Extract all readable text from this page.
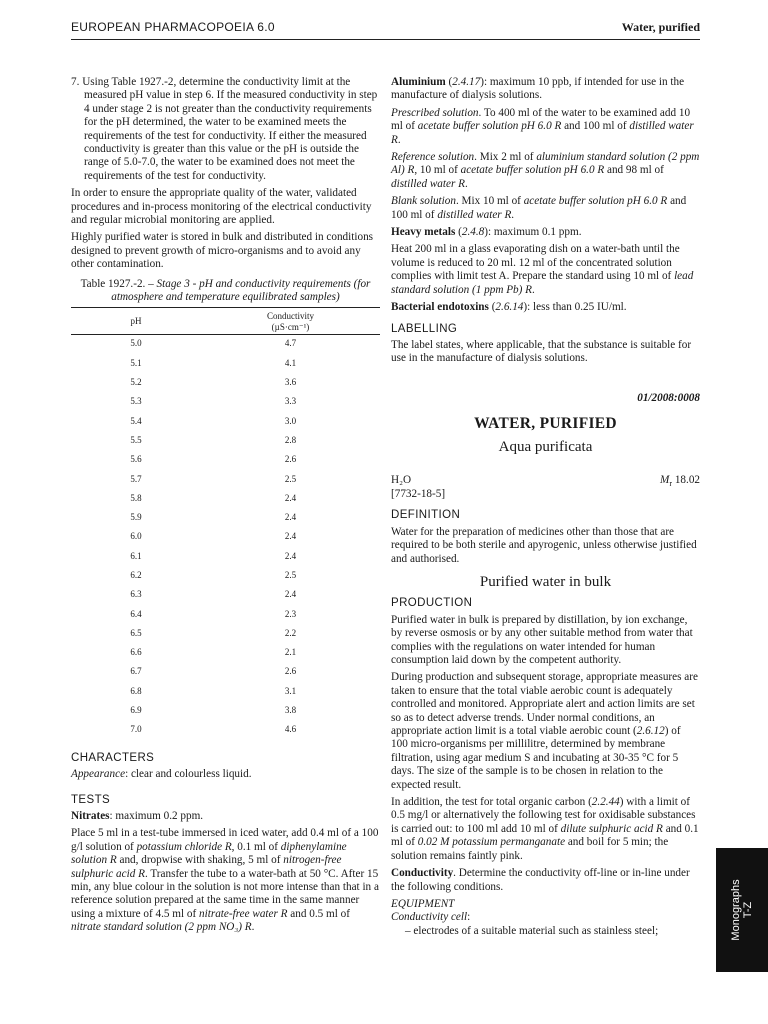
EUROPEAN PHARMACOPOEIA 6.0	Water, purified

7. Using Table 1927.-2, determine the conductivity limit at the measured pH value in step 6. If the measured conductivity in step 4 under stage 2 is not greater than the conductivity requirements for the pH determined, the water to be examined meets the requirements of the test for conductivity. If either the measured conductivity is greater than this value or the pH is outside the range of 5.0-7.0, the water to be examined does not meet the requirements of the test for conductivity.

In order to ensure the appropriate quality of the water, validated procedures and in-process monitoring of the electrical conductivity and regular microbial monitoring are applied.

Highly purified water is stored in bulk and distributed in conditions designed to prevent growth of micro-organisms and to avoid any other contamination.

Table 1927.-2. – Stage 3 - pH and conductivity requirements (for atmosphere and temperature equilibrated samples)
pH	Conductivity
(µS·cm⁻¹)
5.0	4.7
5.1	4.1
5.2	3.6
5.3	3.3
5.4	3.0
5.5	2.8
5.6	2.6
5.7	2.5
5.8	2.4
5.9	2.4
6.0	2.4
6.1	2.4
6.2	2.5
6.3	2.4
6.4	2.3
6.5	2.2
6.6	2.1
6.7	2.6
6.8	3.1
6.9	3.8
7.0	4.6
CHARACTERS

Appearance: clear and colourless liquid.

TESTS

Nitrates: maximum 0.2 ppm.

Place 5 ml in a test-tube immersed in iced water, add 0.4 ml of a 100 g/l solution of potassium chloride R, 0.1 ml of diphenylamine solution R and, dropwise with shaking, 5 ml of nitrogen-free sulphuric acid R. Transfer the tube to a water-bath at 50 °C. After 15 min, any blue colour in the solution is not more intense than that in a reference solution prepared at the same time in the same manner using a mixture of 4.5 ml of nitrate-free water R and 0.5 ml of nitrate standard solution (2 ppm NO₃) R.

Aluminium (2.4.17): maximum 10 ppb, if intended for use in the manufacture of dialysis solutions.

Prescribed solution. To 400 ml of the water to be examined add 10 ml of acetate buffer solution pH 6.0 R and 100 ml of distilled water R.

Reference solution. Mix 2 ml of aluminium standard solution (2 ppm Al) R, 10 ml of acetate buffer solution pH 6.0 R and 98 ml of distilled water R.

Blank solution. Mix 10 ml of acetate buffer solution pH 6.0 R and 100 ml of distilled water R.

Heavy metals (2.4.8): maximum 0.1 ppm.

Heat 200 ml in a glass evaporating dish on a water-bath until the volume is reduced to 20 ml. 12 ml of the concentrated solution complies with limit test A. Prepare the standard using 10 ml of lead standard solution (1 ppm Pb) R.

Bacterial endotoxins (2.6.14): less than 0.25 IU/ml.

LABELLING

The label states, where applicable, that the substance is suitable for use in the manufacture of dialysis solutions.

01/2008:0008
WATER, PURIFIED
Aqua purificata
H₂O	$M_r$ 18.02

[7732-18-5]

DEFINITION

Water for the preparation of medicines other than those that are required to be both sterile and apyrogenic, unless otherwise justified and authorised.

Purified water in bulk
PRODUCTION

Purified water in bulk is prepared by distillation, by ion exchange, by reverse osmosis or by any other suitable method from water that complies with the regulations on water intended for human consumption laid down by the competent authority.

During production and subsequent storage, appropriate measures are taken to ensure that the total viable aerobic count is adequately controlled and monitored. Appropriate alert and action limits are set so as to detect adverse trends. Under normal conditions, an appropriate action limit is a total viable aerobic count (2.6.12) of 100 micro-organisms per millilitre, determined by membrane filtration, using agar medium S and incubating at 30-35 °C for 5 days. The size of the sample is to be chosen in relation to the expected result.

In addition, the test for total organic carbon (2.2.44) with a limit of 0.5 mg/l or alternatively the following test for oxidisable substances is carried out: to 100 ml add 10 ml of dilute sulphuric acid R and 0.1 ml of 0.02 M potassium permanganate and boil for 5 min; the solution remains faintly pink.

Conductivity. Determine the conductivity off-line or in-line under the following conditions.

EQUIPMENT

Conductivity cell:

– electrodes of a suitable material such as stainless steel;	Monographs
T-Z
